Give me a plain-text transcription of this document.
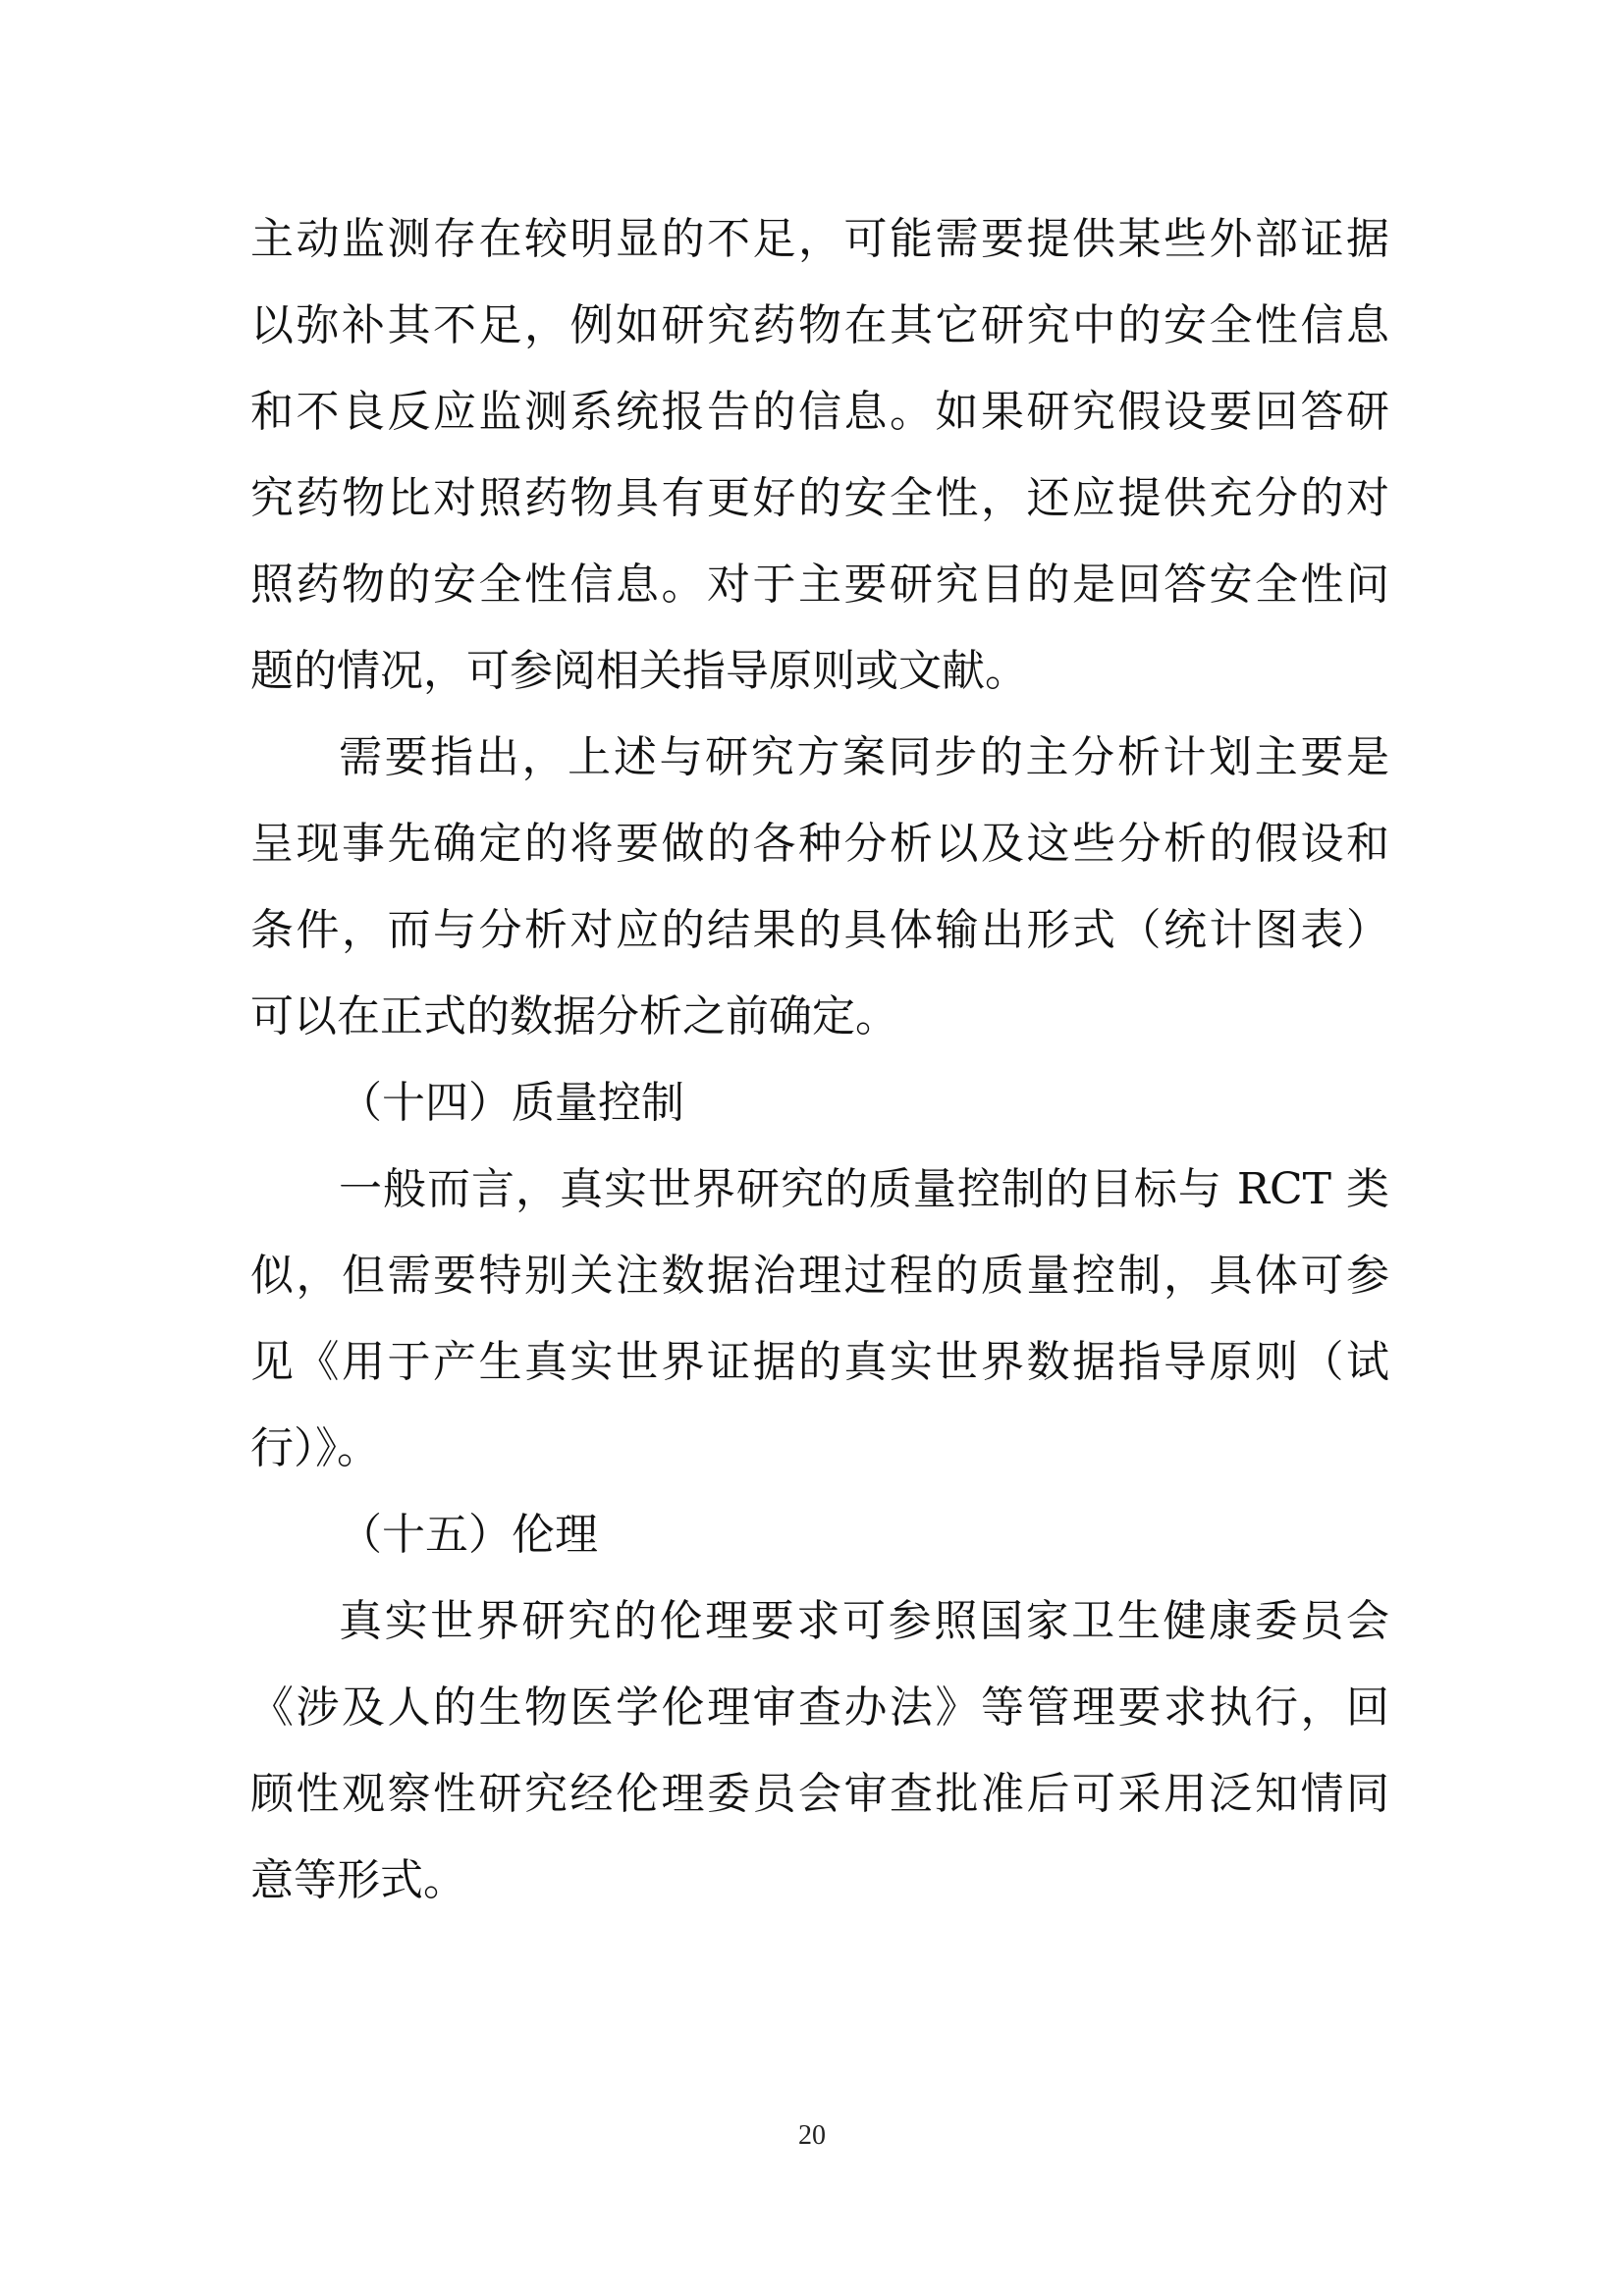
主动监测存在较明显的不足，可能需要提供某些外部证据
以弥补其不足，例如研究药物在其它研究中的安全性信息
和不良反应监测系统报告的信息。如果研究假设要回答研
究药物比对照药物具有更好的安全性，还应提供充分的对
照药物的安全性信息。对于主要研究目的是回答安全性问
题的情况，可参阅相关指导原则或文献。
需要指出，上述与研究方案同步的主分析计划主要是
呈现事先确定的将要做的各种分析以及这些分析的假设和
条件，而与分析对应的结果的具体输出形式（统计图表）
可以在正式的数据分析之前确定。
（十四）质量控制
一般而言，真实世界研究的质量控制的目标与 RCT 类
似，但需要特别关注数据治理过程的质量控制，具体可参
见《用于产生真实世界证据的真实世界数据指导原则（试
行）》。
（十五）伦理
真实世界研究的伦理要求可参照国家卫生健康委员会
《涉及人的生物医学伦理审查办法》等管理要求执行，回
顾性观察性研究经伦理委员会审查批准后可采用泛知情同
意等形式。
20
